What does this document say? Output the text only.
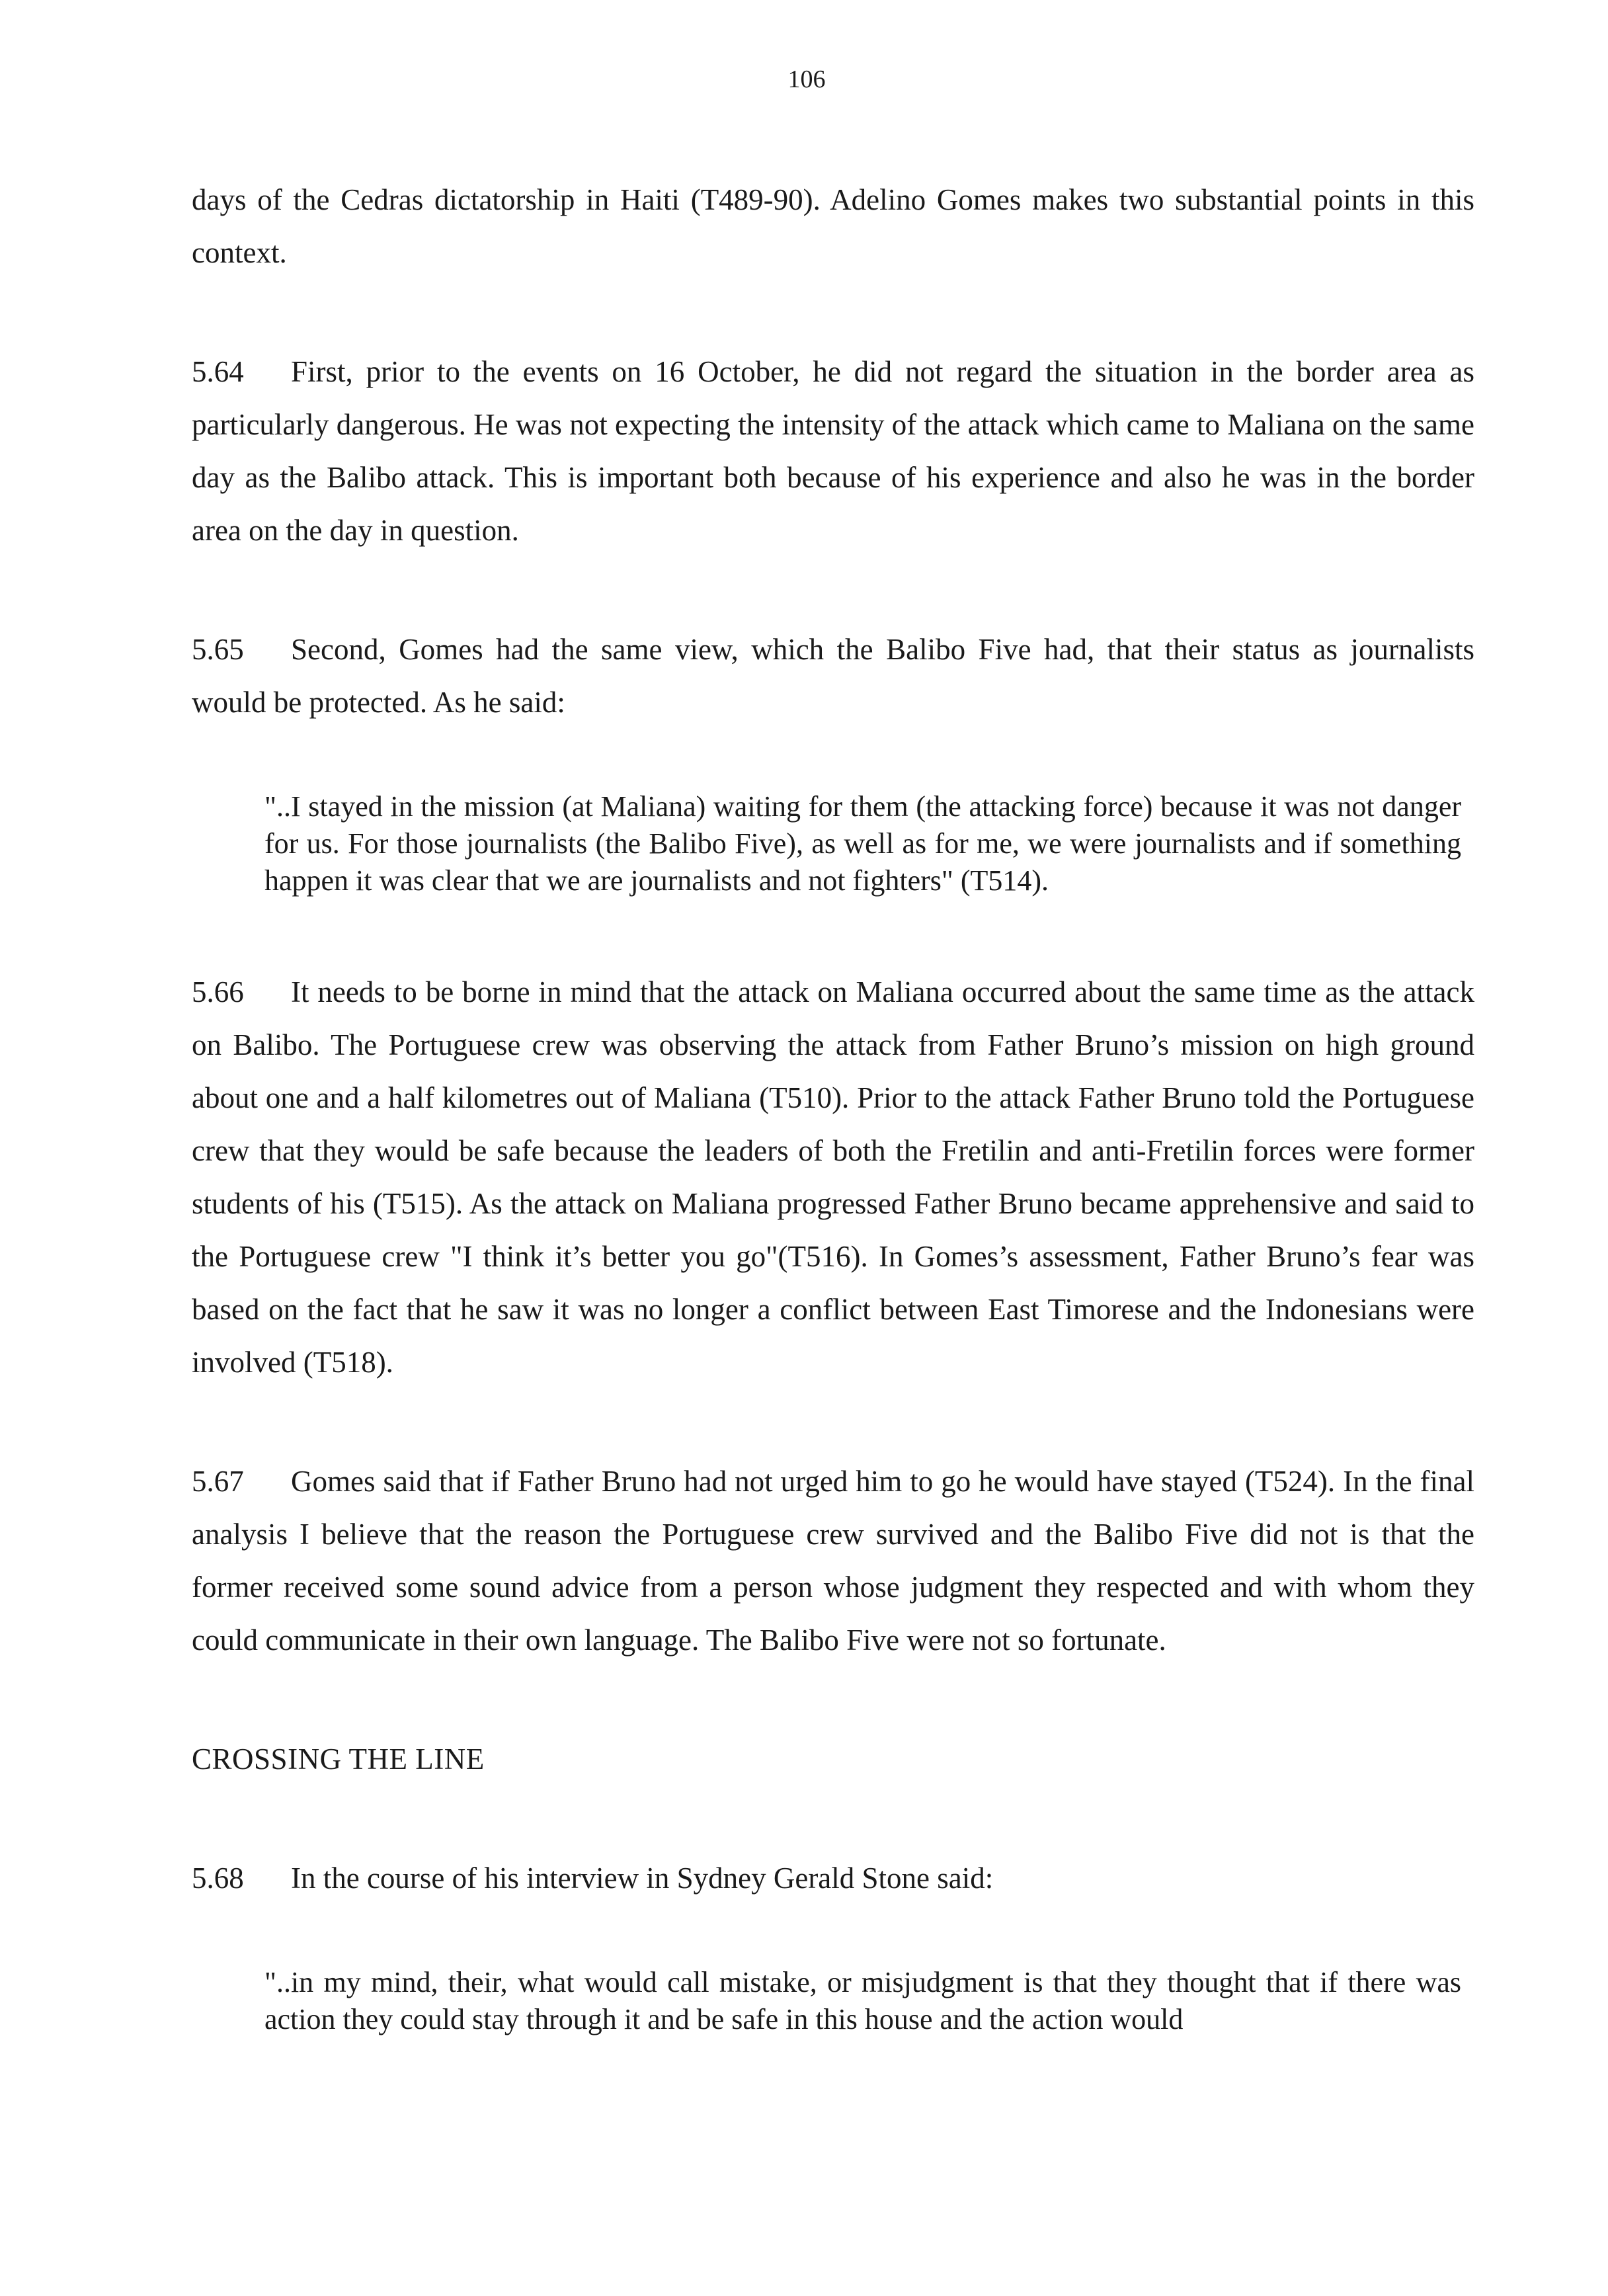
106

days of the Cedras dictatorship in Haiti (T489-90). Adelino Gomes makes two substantial points in this context.

5.64 First, prior to the events on 16 October, he did not regard the situation in the border area as particularly dangerous. He was not expecting the intensity of the attack which came to Maliana on the same day as the Balibo attack. This is important both because of his experience and also he was in the border area on the day in question.

5.65 Second, Gomes had the same view, which the Balibo Five had, that their status as journalists would be protected. As he said:

"..I stayed in the mission (at Maliana) waiting for them (the attacking force) because it was not danger for us. For those journalists (the Balibo Five), as well as for me, we were journalists and if something happen it was clear that we are journalists and not fighters" (T514).

5.66 It needs to be borne in mind that the attack on Maliana occurred about the same time as the attack on Balibo. The Portuguese crew was observing the attack from Father Bruno’s mission on high ground about one and a half kilometres out of Maliana (T510). Prior to the attack Father Bruno told the Portuguese crew that they would be safe because the leaders of both the Fretilin and anti-Fretilin forces were former students of his (T515). As the attack on Maliana progressed Father Bruno became apprehensive and said to the Portuguese crew "I think it’s better you go"(T516). In Gomes’s assessment, Father Bruno’s fear was based on the fact that he saw it was no longer a conflict between East Timorese and the Indonesians were involved (T518).

5.67 Gomes said that if Father Bruno had not urged him to go he would have stayed (T524). In the final analysis I believe that the reason the Portuguese crew survived and the Balibo Five did not is that the former received some sound advice from a person whose judgment they respected and with whom they could communicate in their own language. The Balibo Five were not so fortunate.

CROSSING THE LINE

5.68 In the course of his interview in Sydney Gerald Stone said:

"..in my mind, their, what would call mistake, or misjudgment is that they thought that if there was action they could stay through it and be safe in this house and the action would
